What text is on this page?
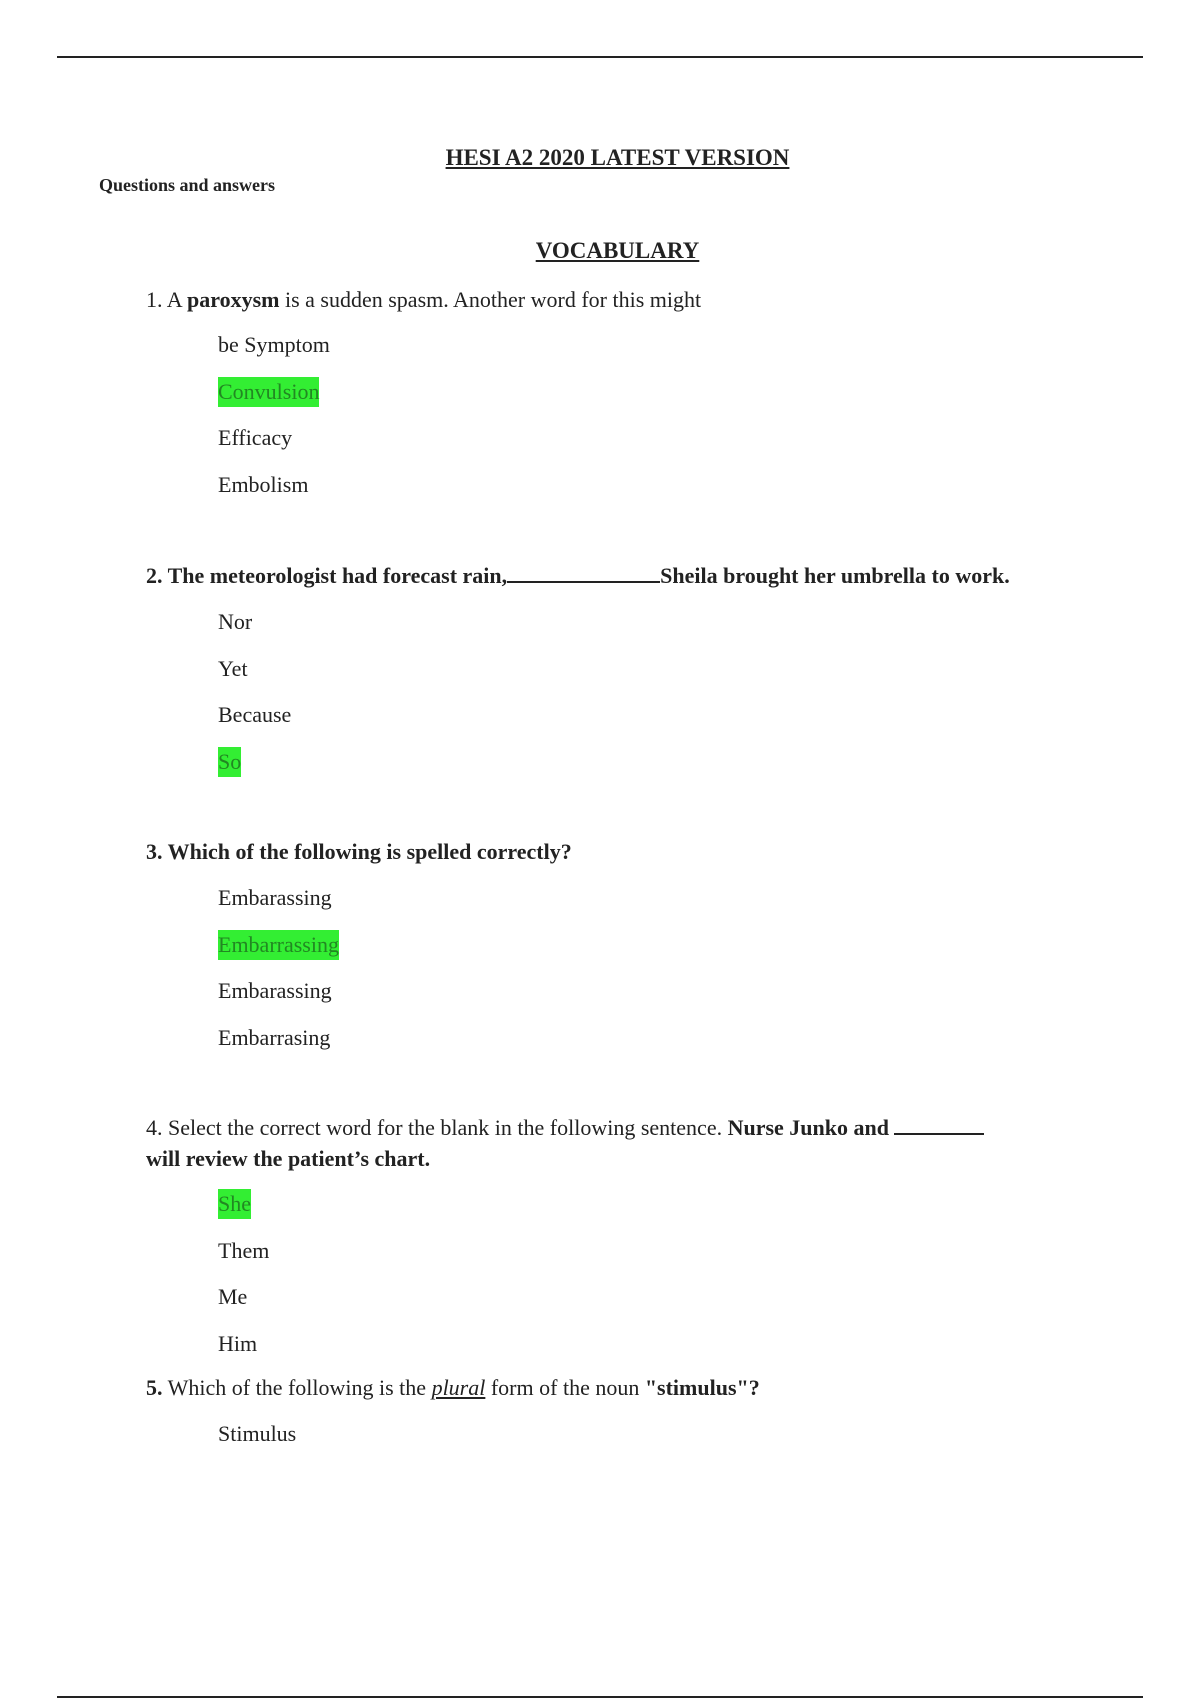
HESI A2 2020 LATEST VERSION
Questions and answers
VOCABULARY
1. A paroxysm is a sudden spasm. Another word for this might
be Symptom
Convulsion
Efficacy
Embolism
2. The meteorologist had forecast rain,	Sheila brought her umbrella to work.
Nor
Yet
Because
So
3. Which of the following is spelled correctly?
Embarassing
Embarrassing
Embarassing
Embarrasing
4. Select the correct word for the blank in the following sentence. Nurse Junko and
will review the patient’s chart.
She
Them
Me
Him
5. Which of the following is the plural form of the noun "stimulus"?
Stimulus
